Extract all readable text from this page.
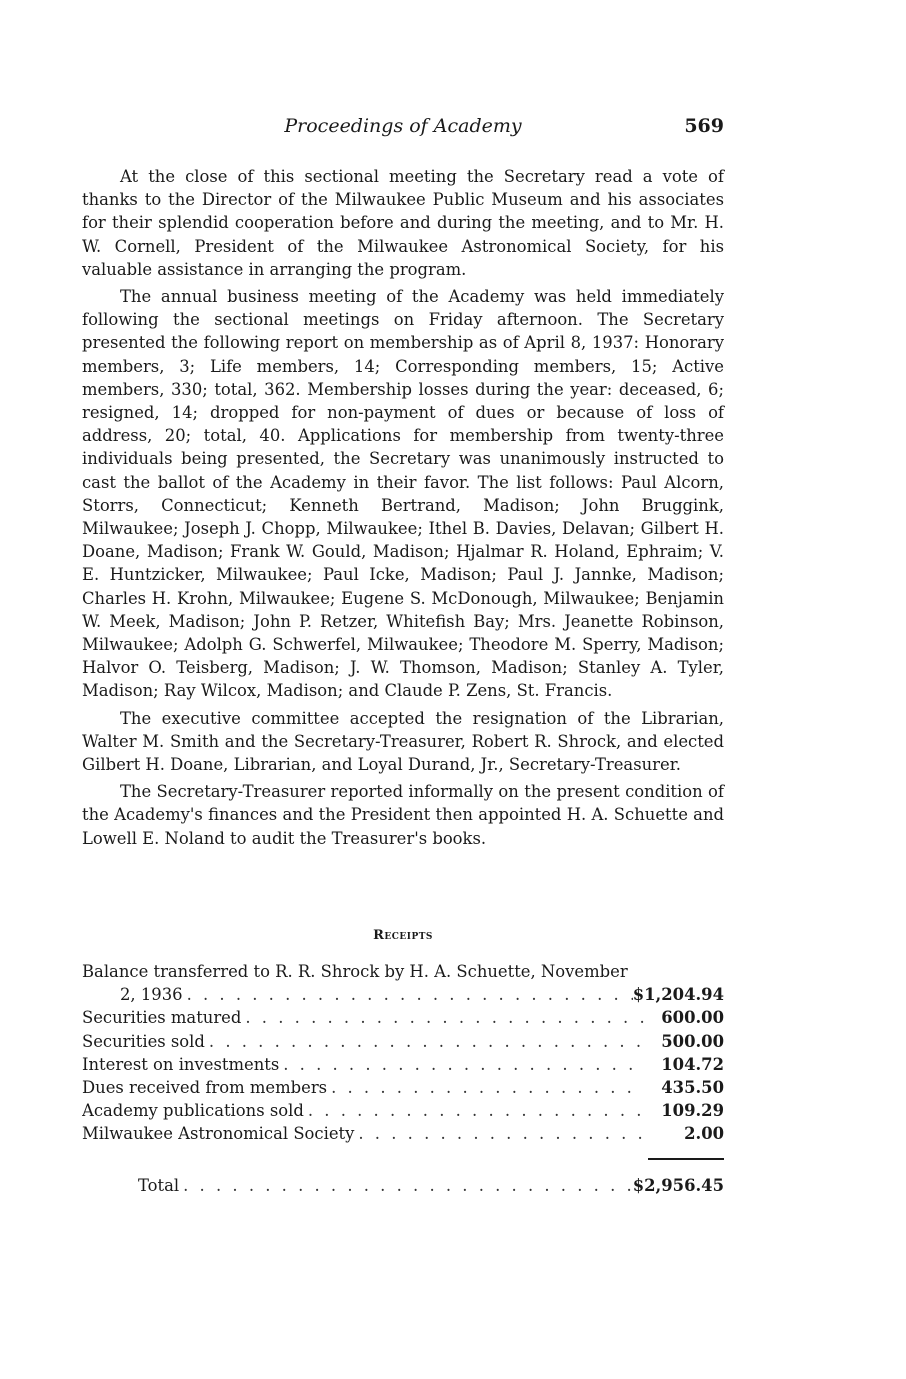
Proceedings of Academy	569

At the close of this sectional meeting the Secretary read a vote of thanks to the Director of the Milwaukee Public Museum and his associates for their splendid cooperation before and during the meeting, and to Mr. H. W. Cornell, President of the Milwaukee Astronomical Society, for his valuable assistance in arranging the program.

The annual business meeting of the Academy was held immediately following the sectional meetings on Friday afternoon. The Secretary presented the following report on membership as of April 8, 1937: Honorary members, 3; Life members, 14; Corresponding members, 15; Active members, 330; total, 362. Membership losses during the year: deceased, 6; resigned, 14; dropped for non-payment of dues or because of loss of address, 20; total, 40. Applications for membership from twenty-three individuals being presented, the Secretary was unanimously instructed to cast the ballot of the Academy in their favor. The list follows: Paul Alcorn, Storrs, Connecticut; Kenneth Bertrand, Madison; John Bruggink, Milwaukee; Joseph J. Chopp, Milwaukee; Ithel B. Davies, Delavan; Gilbert H. Doane, Madison; Frank W. Gould, Madison; Hjalmar R. Holand, Ephraim; V. E. Huntzicker, Milwaukee; Paul Icke, Madison; Paul J. Jannke, Madison; Charles H. Krohn, Milwaukee; Eugene S. McDonough, Milwaukee; Benjamin W. Meek, Madison; John P. Retzer, Whitefish Bay; Mrs. Jeanette Robinson, Milwaukee; Adolph G. Schwerfel, Milwaukee; Theodore M. Sperry, Madison; Halvor O. Teisberg, Madison; J. W. Thomson, Madison; Stanley A. Tyler, Madison; Ray Wilcox, Madison; and Claude P. Zens, St. Francis.

The executive committee accepted the resignation of the Librarian, Walter M. Smith and the Secretary-Treasurer, Robert R. Shrock, and elected Gilbert H. Doane, Librarian, and Loyal Durand, Jr., Secretary-Treasurer.

The Secretary-Treasurer reported informally on the present condition of the Academy's finances and the President then appointed H. A. Schuette and Lowell E. Noland to audit the Treasurer's books.

Receipts
Balance transferred to R. R. Shrock by H. A. Schuette, November
2, 1936 . . .	$1,204.94
Securities matured . . .	600.00
Securities sold . . .	500.00
Interest on investments . . .	104.72
Dues received from members . . .	435.50
Academy publications sold . . .	109.29
Milwaukee Astronomical Society . . .	2.00
Total . . .	$2,956.45
